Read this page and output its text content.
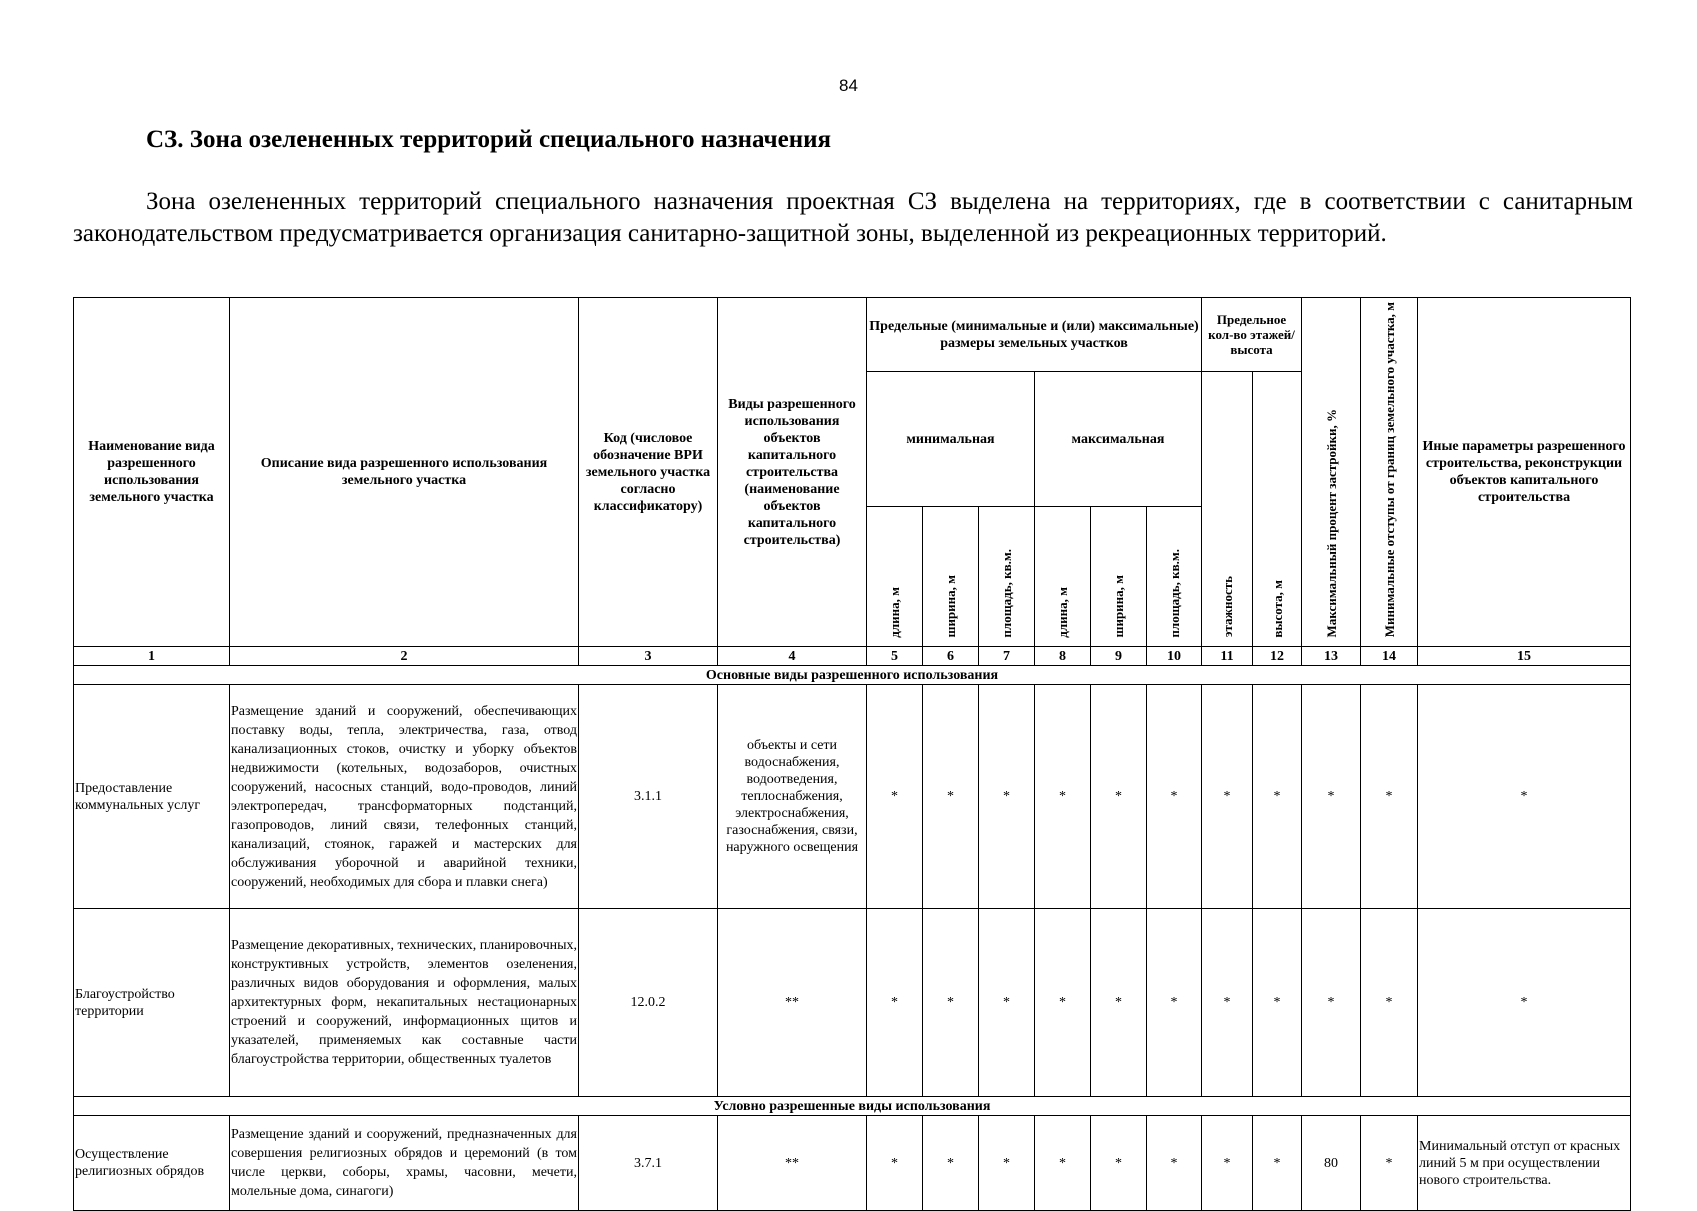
84
СЗ. Зона озелененных территорий специального назначения

Зона озелененных территорий специального назначения проектная СЗ выделена на территориях, где в соответствии с санитарным законодательством предусматривается организация санитарно-защитной зоны, выделенной из рекреационных территорий.

Наименование вида разрешенного использования земельного участка	Описание вида разрешенного использования земельного участка	Код (числовое обозначение ВРИ земельного участка согласно классификатору)	Виды разрешенного использования объектов капитального строительства (наименование объектов капитального строительства)	Предельные (минимальные и (или) максимальные) размеры земельных участков						Предельное кол-во этажей/ высота		Максимальный процент застройки, %	Минимальные отступы от границ земельного участка, м	Иные параметры разрешенного строительства, реконструкции объектов капитального строительства
				минимальная			максимальная			этажность	высота, м			
				длина, м	ширина, м	площадь, кв.м.	длина, м	ширина, м	площадь, кв.м.					
1	2	3	4	5	6	7	8	9	10	11	12	13	14	15
Основные виды разрешенного использования														
Предоставление коммунальных услуг	Размещение зданий и сооружений, обеспечивающих поставку воды, тепла, электричества, газа, отвод канализационных стоков, очистку и уборку объектов недвижимости (котельных, водозаборов, очистных сооружений, насосных станций, водо-проводов, линий электропередач, трансформаторных подстанций, газопроводов, линий связи, телефонных станций, канализаций, стоянок, гаражей и мастерских для обслуживания уборочной и аварийной техники, сооружений, необходимых для сбора и плавки снега)	3.1.1	объекты и сети водоснабжения, водоотведения, теплоснабжения, электроснабжения, газоснабжения, связи, наружного освещения	*	*	*	*	*	*	*	*	*	*	*
Благоустройство территории	Размещение декоративных, технических, планировочных, конструктивных устройств, элементов озеленения, различных видов оборудования и оформления, малых архитектурных форм, некапитальных нестационарных строений и сооружений, информационных щитов и указателей, применяемых как составные части благоустройства территории, общественных туалетов	12.0.2	**	*	*	*	*	*	*	*	*	*	*	*
Условно разрешенные виды использования														
Осуществление религиозных обрядов	Размещение зданий и сооружений, предназначенных для совершения религиозных обрядов и церемоний (в том числе церкви, соборы, храмы, часовни, мечети, молельные дома, синагоги)	3.7.1	**	*	*	*	*	*	*	*	*	80	*	Минимальный отступ от красных линий 5 м при осуществлении нового строительства.
